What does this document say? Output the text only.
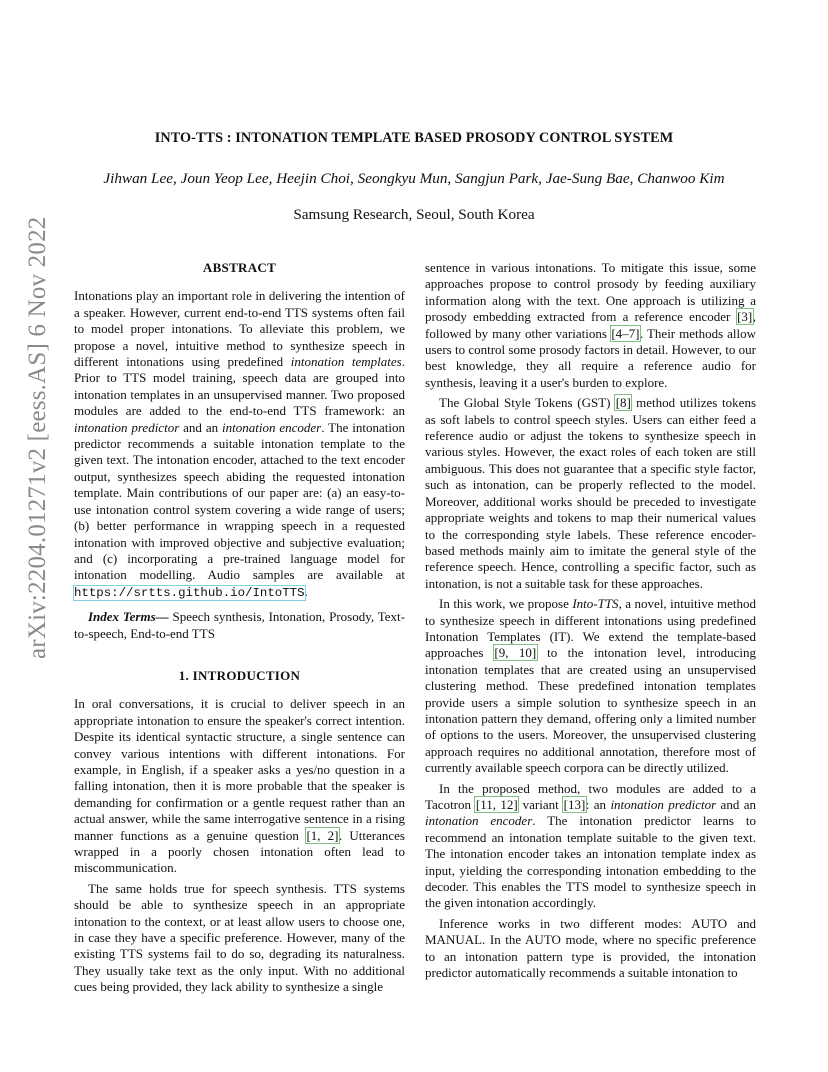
arXiv:2204.01271v2 [eess.AS] 6 Nov 2022
INTO-TTS : INTONATION TEMPLATE BASED PROSODY CONTROL SYSTEM
Jihwan Lee, Joun Yeop Lee, Heejin Choi, Seongkyu Mun, Sangjun Park, Jae-Sung Bae, Chanwoo Kim
Samsung Research, Seoul, South Korea
ABSTRACT

Intonations play an important role in delivering the intention of a speaker. However, current end-to-end TTS systems often fail to model proper intonations. To alleviate this problem, we propose a novel, intuitive method to synthesize speech in different intonations using predefined intonation templates. Prior to TTS model training, speech data are grouped into intonation templates in an unsupervised manner. Two proposed modules are added to the end-to-end TTS framework: an intonation predictor and an intonation encoder. The intonation predictor recommends a suitable intonation template to the given text. The intonation encoder, attached to the text encoder output, synthesizes speech abiding the requested intonation template. Main contributions of our paper are: (a) an easy-to-use intonation control system covering a wide range of users; (b) better performance in wrapping speech in a requested intonation with improved objective and subjective evaluation; and (c) incorporating a pre-trained language model for intonation modelling. Audio samples are available at https://srtts.github.io/IntoTTS.

Index Terms— Speech synthesis, Intonation, Prosody, Text-to-speech, End-to-end TTS

1. INTRODUCTION

In oral conversations, it is crucial to deliver speech in an appropriate intonation to ensure the speaker's correct intention. Despite its identical syntactic structure, a single sentence can convey various intentions with different intonations. For example, in English, if a speaker asks a yes/no question in a falling intonation, then it is more probable that the speaker is demanding for confirmation or a gentle request rather than an actual answer, while the same interrogative sentence in a rising manner functions as a genuine question [1, 2]. Utterances wrapped in a poorly chosen intonation often lead to miscommunication.

The same holds true for speech synthesis. TTS systems should be able to synthesize speech in an appropriate intonation to the context, or at least allow users to choose one, in case they have a specific preference. However, many of the existing TTS systems fail to do so, degrading its naturalness. They usually take text as the only input. With no additional cues being provided, they lack ability to synthesize a single

sentence in various intonations. To mitigate this issue, some approaches propose to control prosody by feeding auxiliary information along with the text. One approach is utilizing a prosody embedding extracted from a reference encoder [3], followed by many other variations [4–7]. Their methods allow users to control some prosody factors in detail. However, to our best knowledge, they all require a reference audio for synthesis, leaving it a user's burden to explore.

The Global Style Tokens (GST) [8] method utilizes tokens as soft labels to control speech styles. Users can either feed a reference audio or adjust the tokens to synthesize speech in various styles. However, the exact roles of each token are still ambiguous. This does not guarantee that a specific style factor, such as intonation, can be properly reflected to the model. Moreover, additional works should be preceded to investigate appropriate weights and tokens to map their numerical values to the corresponding style labels. These reference encoder-based methods mainly aim to imitate the general style of the reference speech. Hence, controlling a specific factor, such as intonation, is not a suitable task for these approaches.

In this work, we propose Into-TTS, a novel, intuitive method to synthesize speech in different intonations using predefined Intonation Templates (IT). We extend the template-based approaches [9, 10] to the intonation level, introducing intonation templates that are created using an unsupervised clustering method. These predefined intonation templates provide users a simple solution to synthesize speech in an intonation pattern they demand, offering only a limited number of options to the users. Moreover, the unsupervised clustering approach requires no additional annotation, therefore most of currently available speech corpora can be directly utilized.

In the proposed method, two modules are added to a Tacotron [11, 12] variant [13]: an intonation predictor and an intonation encoder. The intonation predictor learns to recommend an intonation template suitable to the given text. The intonation encoder takes an intonation template index as input, yielding the corresponding intonation embedding to the decoder. This enables the TTS model to synthesize speech in the given intonation accordingly.

Inference works in two different modes: AUTO and MANUAL. In the AUTO mode, where no specific preference to an intonation pattern type is provided, the intonation predictor automatically recommends a suitable intonation to
